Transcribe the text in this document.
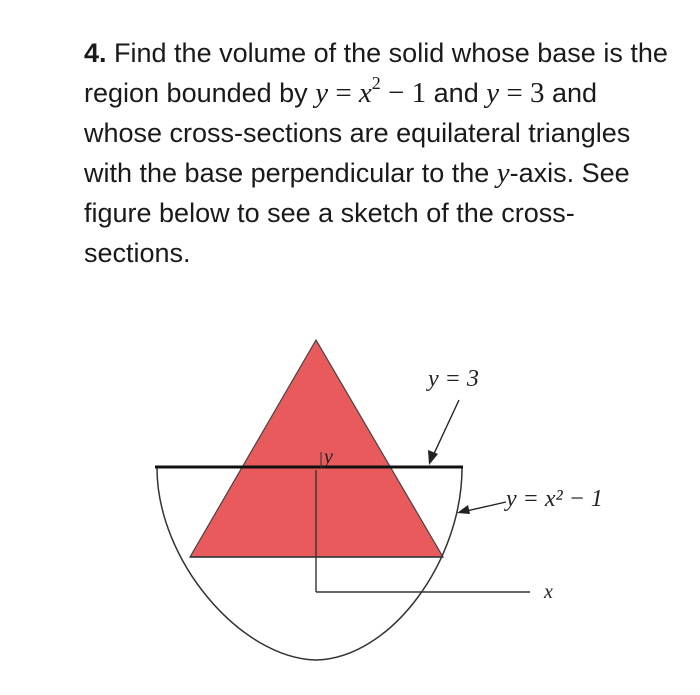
4. Find the volume of the solid whose base is the region bounded by $y = x^2 - 1$ and y = 3 and whose cross-sections are equilateral triangles with the base perpendicular to the y-axis. See figure below to see a sketch of the cross-sections.
y = 3
y = x² − 1
y
x
